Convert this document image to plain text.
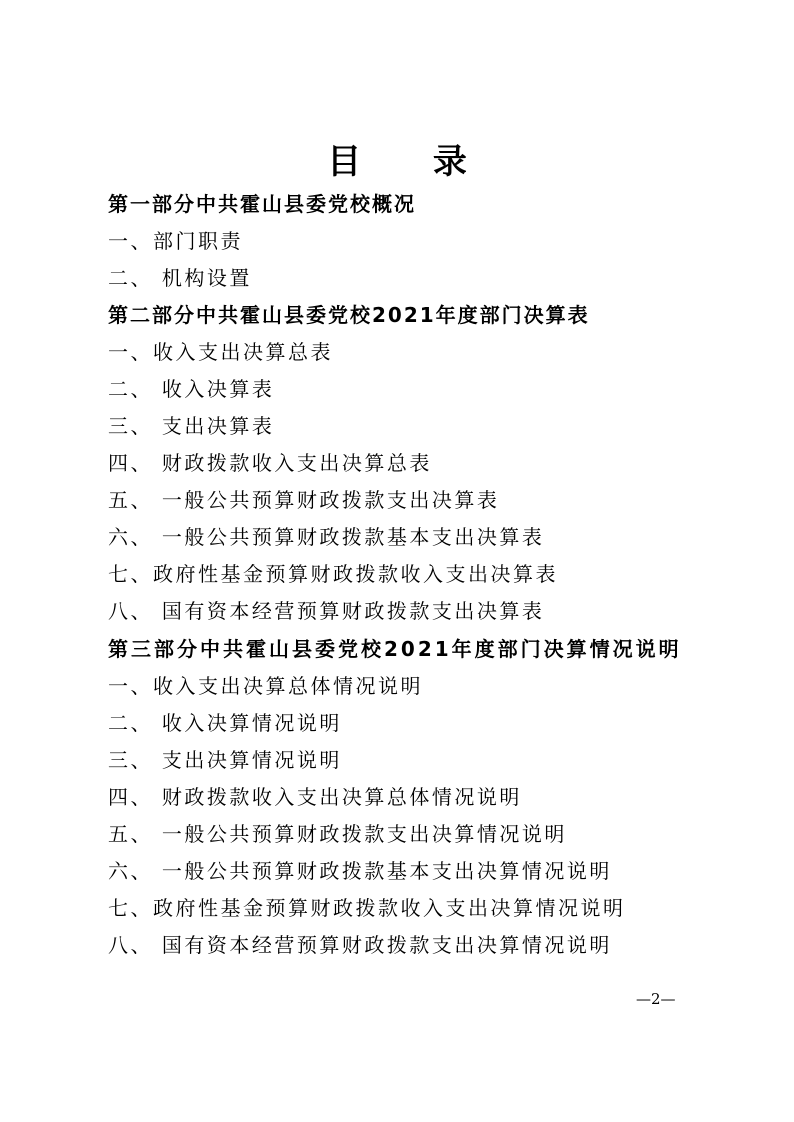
目 录
第一部分中共霍山县委党校概况
一、部门职责
二、 机构设置
第二部分中共霍山县委党校2021年度部门决算表
一、收入支出决算总表
二、 收入决算表
三、 支出决算表
四、 财政拨款收入支出决算总表
五、 一般公共预算财政拨款支出决算表
六、 一般公共预算财政拨款基本支出决算表
七、政府性基金预算财政拨款收入支出决算表
八、 国有资本经营预算财政拨款支出决算表
第三部分中共霍山县委党校2021年度部门决算情况说明
一、收入支出决算总体情况说明
二、 收入决算情况说明
三、 支出决算情况说明
四、 财政拨款收入支出决算总体情况说明
五、 一般公共预算财政拨款支出决算情况说明
六、 一般公共预算财政拨款基本支出决算情况说明
七、政府性基金预算财政拨款收入支出决算情况说明
八、 国有资本经营预算财政拨款支出决算情况说明
—2—
